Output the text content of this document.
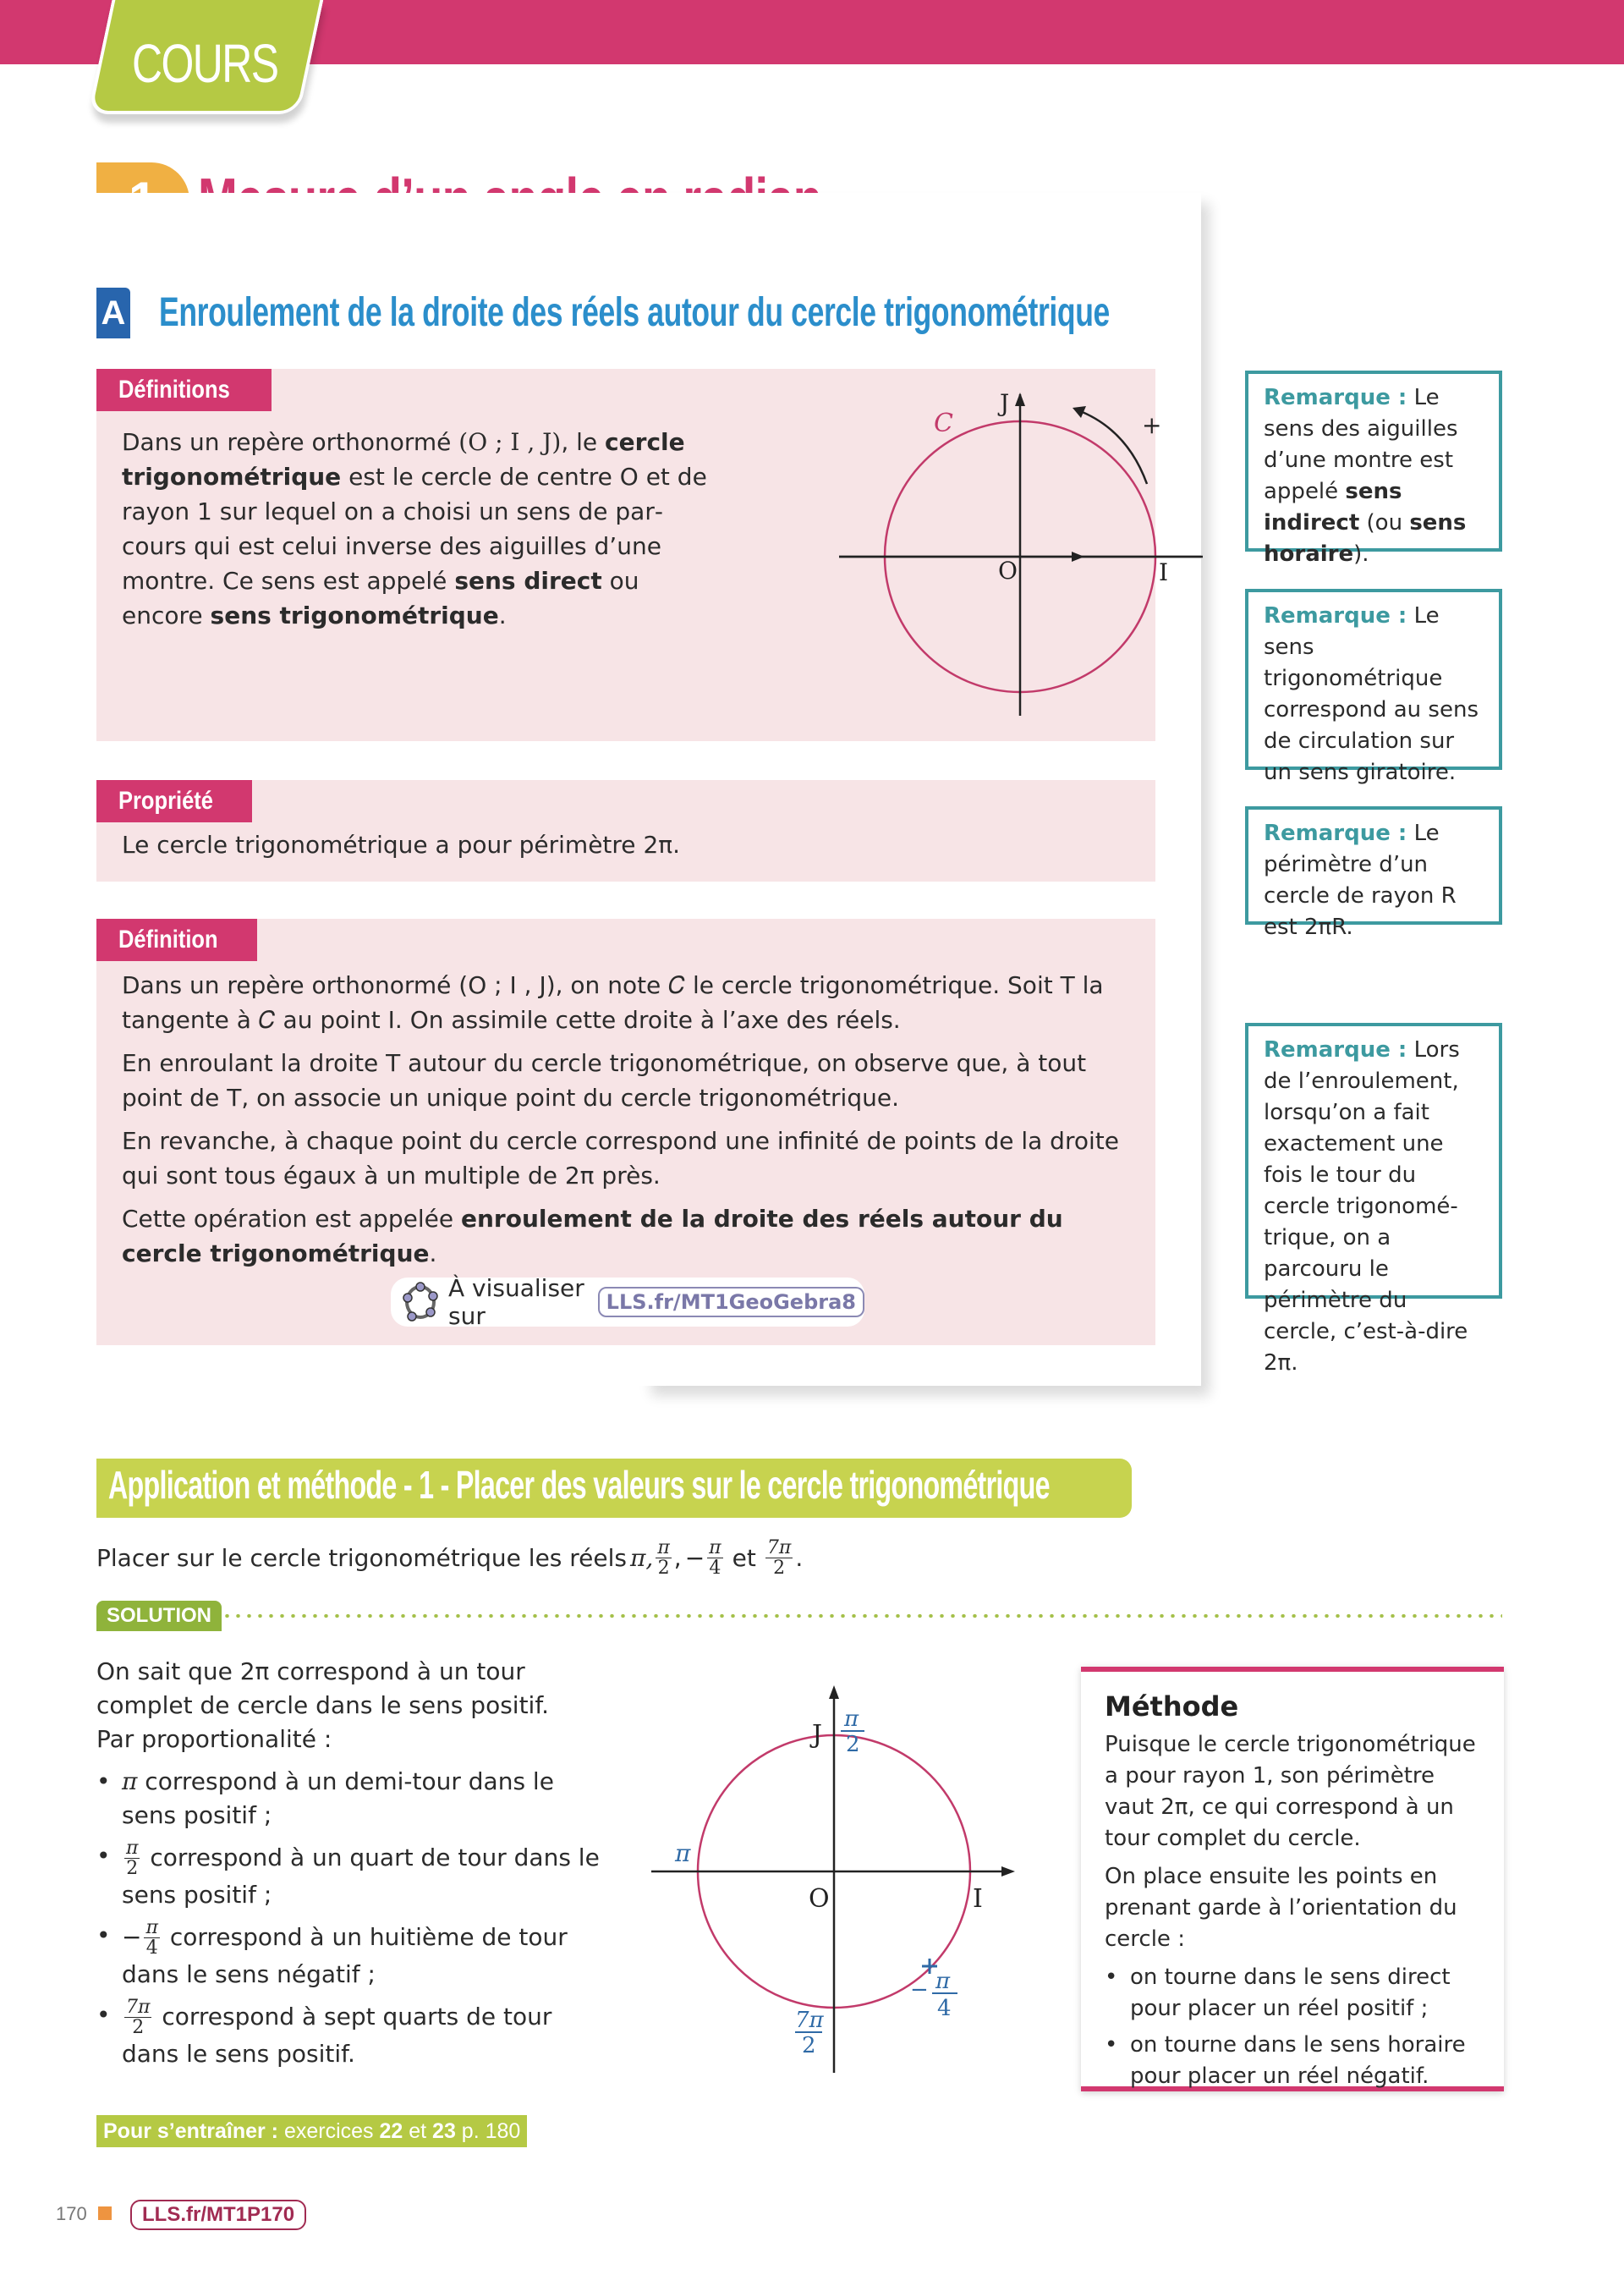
COURS
A Enroulement de la droite des réels autour du cercle trigonométrique
Définitions
Dans un repère orthonormé (O ; I , J), le cercle trigonométrique est le cercle de centre O et de rayon 1 sur lequel on a choisi un sens de parcours qui est celui inverse des aiguilles d’une montre. Ce sens est appelé sens direct ou encore sens trigonométrique.
C
J
O	I
+
Propriété
Le cercle trigonométrique a pour périmètre 2π.
Définition

Dans un repère orthonormé (O ; I , J), on note 𝐶 le cercle trigonométrique. Soit T la tangente à 𝐶 au point I. On assimile cette droite à l’axe des réels.

En enroulant la droite T autour du cercle trigonométrique, on observe que, à tout point de T, on associe un unique point du cercle trigonométrique.

En revanche, à chaque point du cercle correspond une infinité de points de la droite qui sont tous égaux à un multiple de 2π près.

Cette opération est appelée enroulement de la droite des réels autour du cercle trigonométrique.

À visualiser sur	LLS.fr/MT1GeoGebra8
Remarque : Le sens des aiguilles d’une montre est appelé sens indirect (ou sens horaire).
Remarque : Le sens trigonométrique correspond au sens de circulation sur un sens giratoire.
Remarque : Le périmètre d’un cercle de rayon R est 2πR.
Remarque : Lors de l’enroulement, lorsqu’on a fait exactement une fois le tour du cercle trigonométrique, on a parcouru le périmètre du cercle, c’est-à-dire 2π.
Application et méthode - 1 - Placer des valeurs sur le cercle trigonométrique
Placer sur le cercle trigonométrique les réels π, $\frac{\pi}{2}$ , − $\frac{\pi}{4}$ et $\frac{7\pi}{2}$ .
SOLUTION
On sait que 2π correspond à un tour complet de cercle dans le sens positif.
Par proportionalité :
• π correspond à un demi-tour dans le sens positif ;
• $\frac{\pi}{2}$ correspond à un quart de tour dans le sens positif ;
• − $\frac{\pi}{4}$ correspond à un huitième de tour dans le sens négatif ;
• $\frac{7\pi}{2}$ correspond à sept quarts de tour dans le sens positif.
O	I
J
π
π
2
− π
4
7π
2
Méthode

Puisque le cercle trigonométrique a pour rayon 1, son périmètre vaut 2π, ce qui correspond à un tour complet du cercle.

On place ensuite les points en prenant garde à l’orientation du cercle :

• on tourne dans le sens direct pour placer un réel positif ;
• on tourne dans le sens horaire pour placer un réel négatif.
Pour s’entraîner : exercices 22 et 23 p. 180
170	LLS.fr/MT1P170
